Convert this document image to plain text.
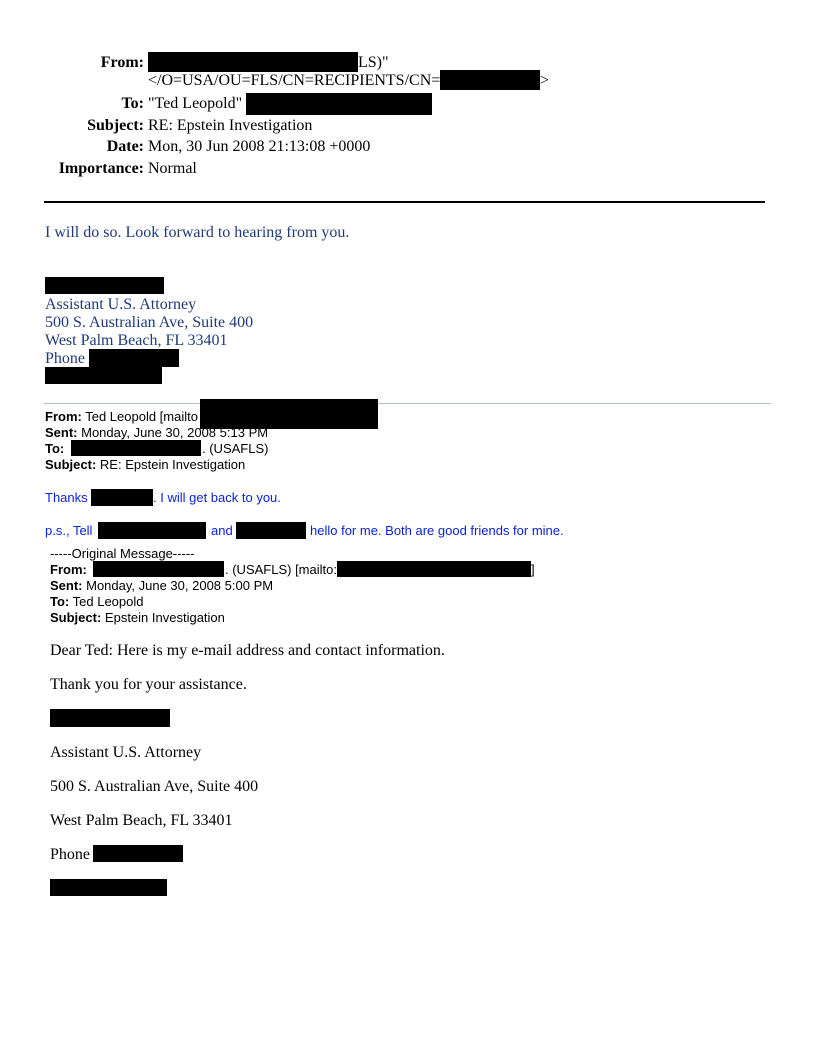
From:	LS)"
</O=USA/OU=FLS/CN=RECIPIENTS/CN=	>
To: "Ted Leopold"
Subject: RE: Epstein Investigation
Date: Mon, 30 Jun 2008 21:13:08 +0000
Importance: Normal
I will do so. Look forward to hearing from you.
Assistant U.S. Attorney
500 S. Australian Ave, Suite 400
West Palm Beach, FL 33401
Phone
From: Ted Leopold [mailto
Sent: Monday, June 30, 2008 5:13 PM
To:	. (USAFLS)
Subject: RE: Epstein Investigation
Thanks	. I will get back to you.
p.s., Tell	and	hello for me. Both are good friends for mine.
-----Original Message-----
From:	. (USAFLS) [mailto:	]
Sent: Monday, June 30, 2008 5:00 PM
To: Ted Leopold
Subject: Epstein Investigation
Dear Ted: Here is my e-mail address and contact information.
Thank you for your assistance.
Assistant U.S. Attorney
500 S. Australian Ave, Suite 400
West Palm Beach, FL 33401
Phone
